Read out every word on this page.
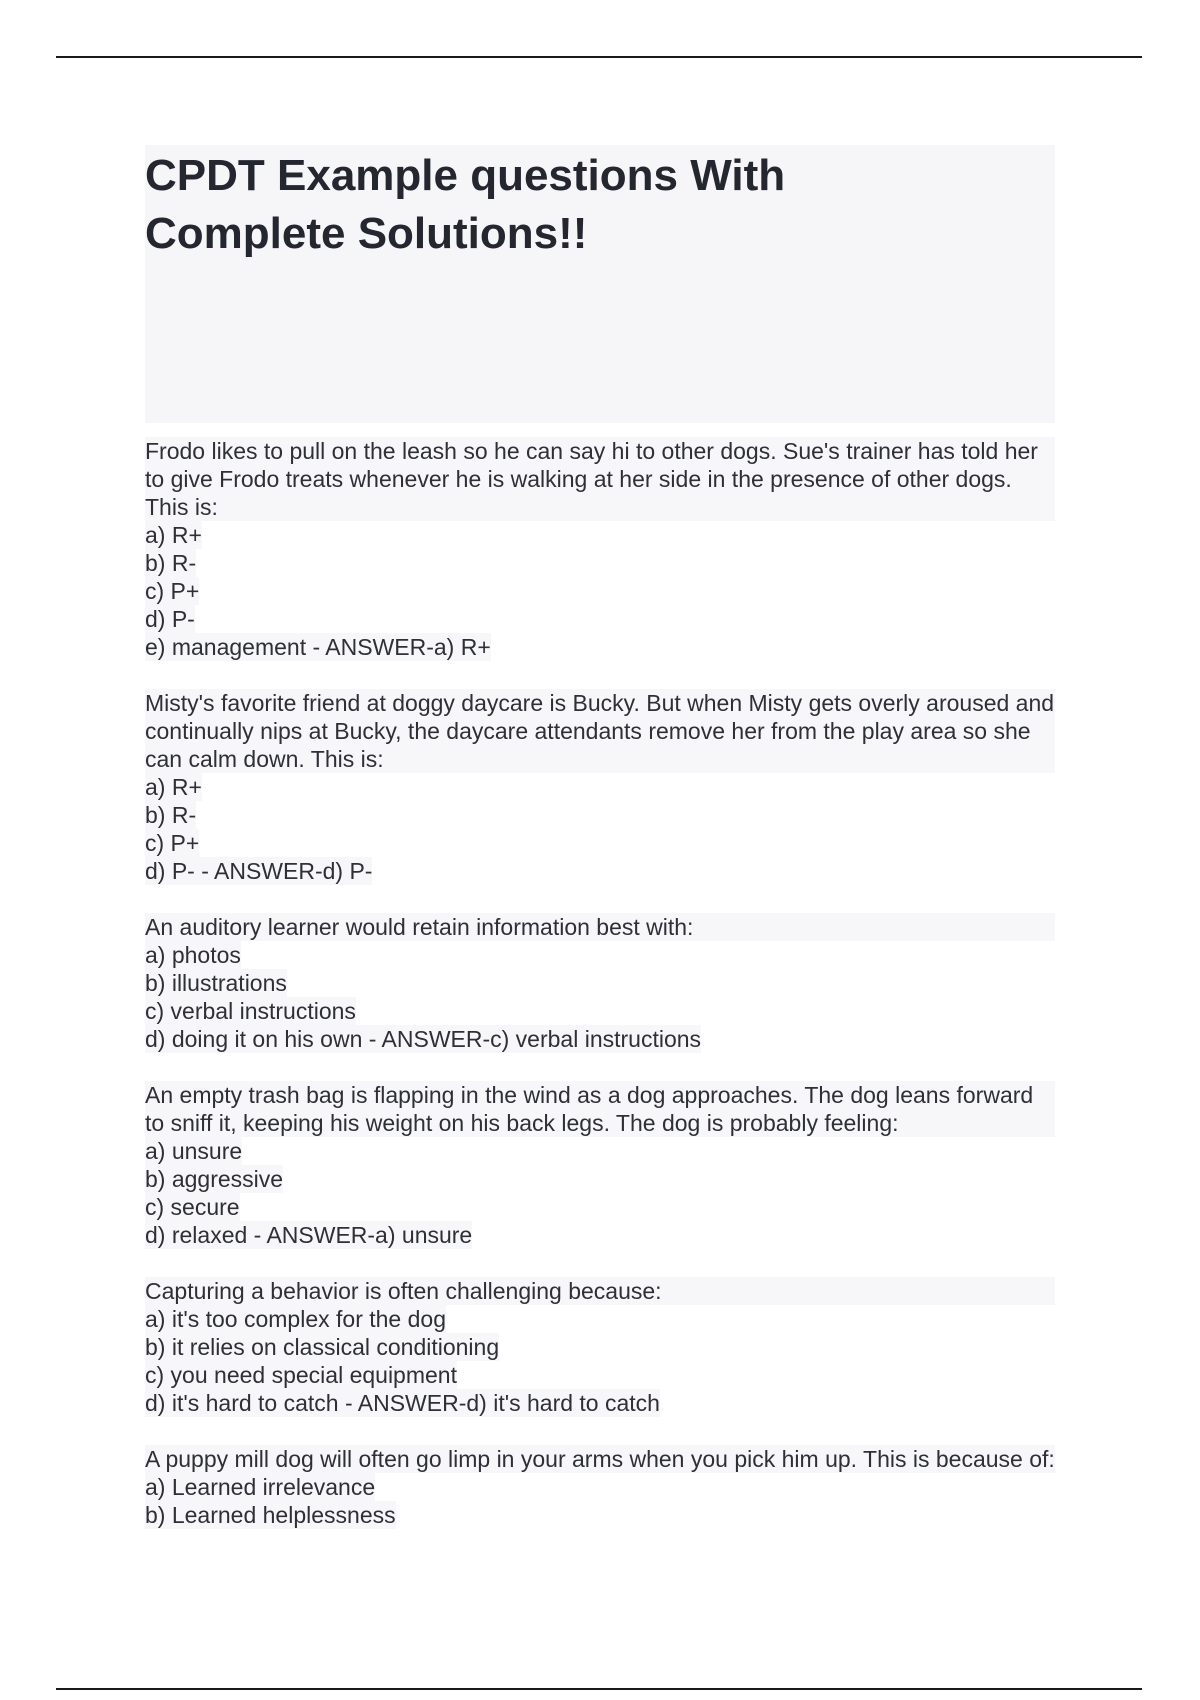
CPDT Example questions With Complete Solutions!!
Frodo likes to pull on the leash so he can say hi to other dogs. Sue's trainer has told her to give Frodo treats whenever he is walking at her side in the presence of other dogs. This is:
a) R+
b) R-
c) P+
d) P-
e) management - ANSWER-a) R+
Misty's favorite friend at doggy daycare is Bucky. But when Misty gets overly aroused and continually nips at Bucky, the daycare attendants remove her from the play area so she can calm down. This is:
a) R+
b) R-
c) P+
d) P- - ANSWER-d) P-
An auditory learner would retain information best with:
a) photos
b) illustrations
c) verbal instructions
d) doing it on his own - ANSWER-c) verbal instructions
An empty trash bag is flapping in the wind as a dog approaches. The dog leans forward to sniff it, keeping his weight on his back legs. The dog is probably feeling:
a) unsure
b) aggressive
c) secure
d) relaxed - ANSWER-a) unsure
Capturing a behavior is often challenging because:
a) it's too complex for the dog
b) it relies on classical conditioning
c) you need special equipment
d) it's hard to catch - ANSWER-d) it's hard to catch
A puppy mill dog will often go limp in your arms when you pick him up. This is because of:
a) Learned irrelevance
b) Learned helplessness
